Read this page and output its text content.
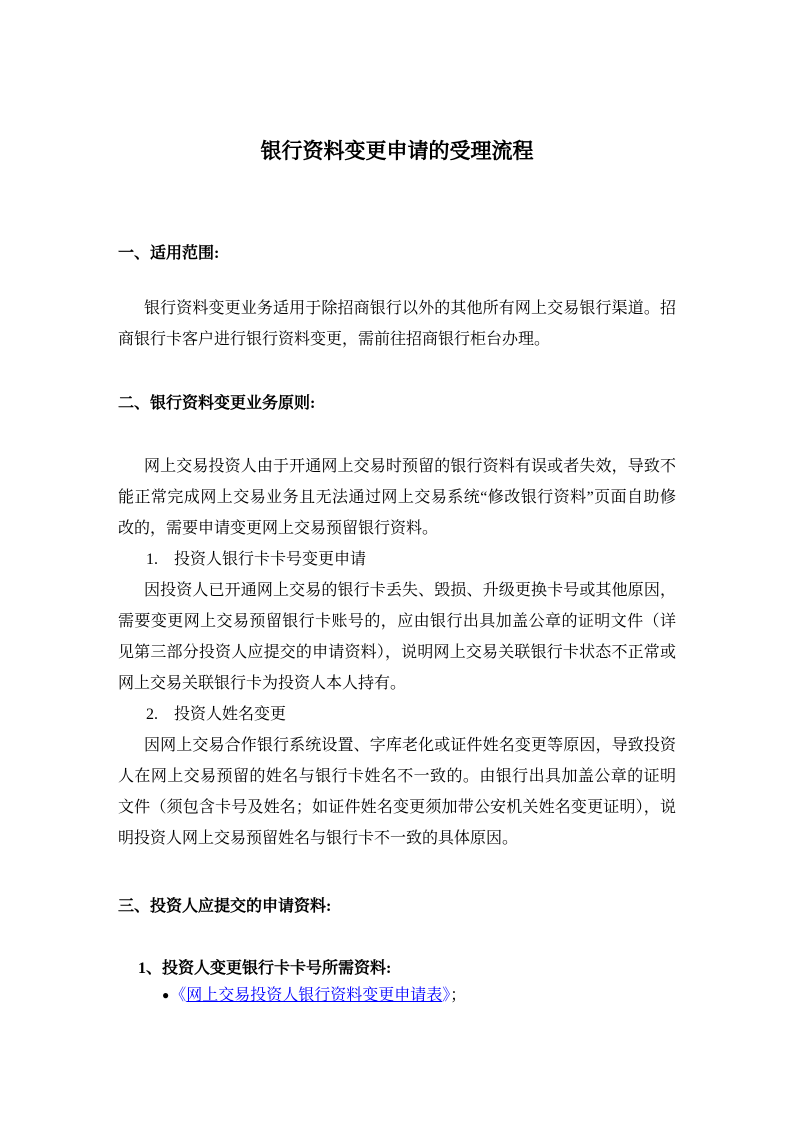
银行资料变更申请的受理流程
一、适用范围:

银行资料变更业务适用于除招商银行以外的其他所有网上交易银行渠道。招商银行卡客户进行银行资料变更，需前往招商银行柜台办理。

二、银行资料变更业务原则:

网上交易投资人由于开通网上交易时预留的银行资料有误或者失效，导致不能正常完成网上交易业务且无法通过网上交易系统“修改银行资料”页面自助修改的，需要申请变更网上交易预留银行资料。

1. 投资人银行卡卡号变更申请

因投资人已开通网上交易的银行卡丢失、毁损、升级更换卡号或其他原因，需要变更网上交易预留银行卡账号的，应由银行出具加盖公章的证明文件（详见第三部分投资人应提交的申请资料），说明网上交易关联银行卡状态不正常或网上交易关联银行卡为投资人本人持有。

2. 投资人姓名变更

因网上交易合作银行系统设置、字库老化或证件姓名变更等原因，导致投资人在网上交易预留的姓名与银行卡姓名不一致的。由银行出具加盖公章的证明文件（须包含卡号及姓名；如证件姓名变更须加带公安机关姓名变更证明），说明投资人网上交易预留姓名与银行卡不一致的具体原因。

三、投资人应提交的申请资料:

1、投资人变更银行卡卡号所需资料:

●《网上交易投资人银行资料变更申请表》；
